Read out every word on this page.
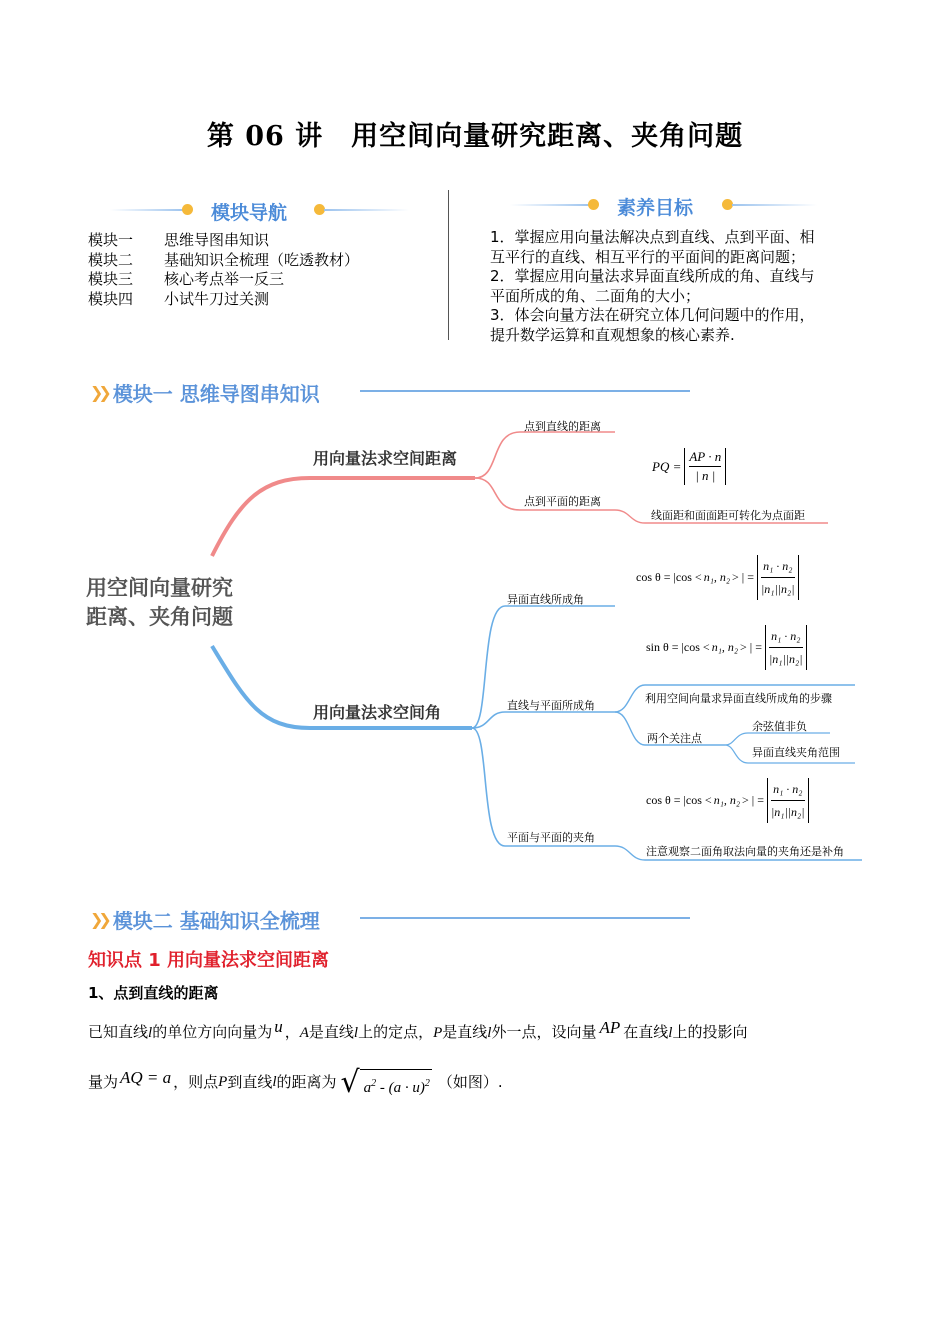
第 06 讲　用空间向量研究距离、夹角问题
模块导航
模块一	思维导图串知识
模块二	基础知识全梳理（吃透教材）
模块三	核心考点举一反三
模块四	小试牛刀过关测
素养目标
1．掌握应用向量法解决点到直线、点到平面、相
互平行的直线、相互平行的平面间的距离问题；
2．掌握应用向量法求异面直线所成的角、直线与
平面所成的角、二面角的大小；
3．体会向量方法在研究立体几何问题中的作用，
提升数学运算和直观想象的核心素养.
❯❯ 模块一 思维导图串知识
用空间向量研究
距离、夹角问题
用向量法求空间距离
用向量法求空间角
点到直线的距离
点到平面的距离
线面距和面面距可转化为点面距
异面直线所成角
直线与平面所成角
平面与平面的夹角
利用空间向量求异面直线所成角的步骤
两个关注点
余弦值非负
异面直线夹角范围
注意观察二面角取法向量的夹角还是补角
PQ = $\frac{AP \cdot n}{| n |}$
cos θ = |cos < n₁, n₂ > | = $\frac{\text{n₁ · n₂}}{\text{|n₁||n₂|}}$
sin θ = |cos < n₁, n₂ > | = $\frac{\text{n₁ · n₂}}{\text{|n₁||n₂|}}$
cos θ = |cos < n₁, n₂ > | = $\frac{\text{n₁ · n₂}}{\text{|n₁||n₂|}}$
❯❯ 模块二 基础知识全梳理
知识点 1 用向量法求空间距离
1、点到直线的距离
已知直线l的单位方向向量为 u ，A是直线l上的定点，P是直线l外一点，设向量 AP 在直线l上的投影向
量为 AQ = a ，则点 P 到直线 l 的距离为 √ $a^2 - (a \cdot u)^2$ （如图）.
